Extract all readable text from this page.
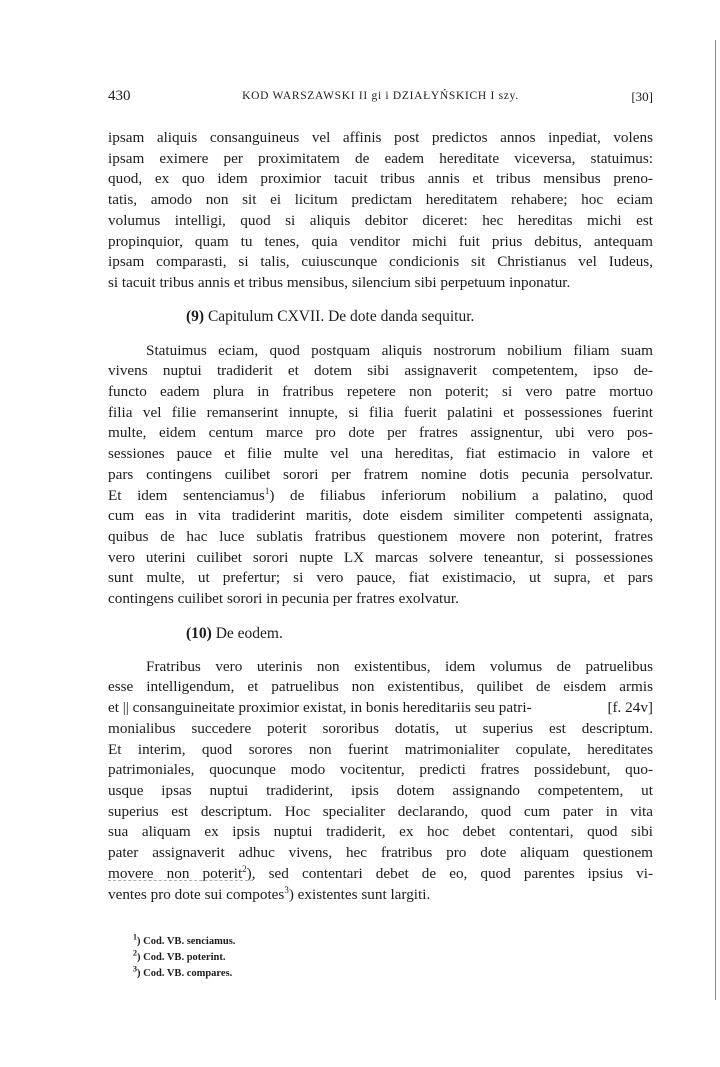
430	KOD WARSZAWSKI II gi i DZIAŁYŃSKICH I szy.	[30]

ipsam aliquis consanguineus vel affinis post predictos annos inpediat, volens

ipsam eximere per proximitatem de eadem hereditate viceversa, statuimus:

quod, ex quo idem proximior tacuit tribus annis et tribus mensibus preno-

tatis, amodo non sit ei licitum predictam hereditatem rehabere; hoc eciam

volumus intelligi, quod si aliquis debitor diceret: hec hereditas michi est

propinquior, quam tu tenes, quia venditor michi fuit prius debitus, antequam

ipsam comparasti, si talis, cuiuscunque condicionis sit Christianus vel Iudeus,

si tacuit tribus annis et tribus mensibus, silencium sibi perpetuum inponatur.

(9) Capitulum CXVII. De dote danda sequitur.

Statuimus eciam, quod postquam aliquis nostrorum nobilium filiam suam

vivens nuptui tradiderit et dotem sibi assignaverit competentem, ipso de-

functo eadem plura in fratribus repetere non poterit; si vero patre mortuo

filia vel filie remanserint innupte, si filia fuerit palatini et possessiones fuerint

multe, eidem centum marce pro dote per fratres assignentur, ubi vero pos-

sessiones pauce et filie multe vel una hereditas, fiat estimacio in valore et

pars contingens cuilibet sorori per fratrem nomine dotis pecunia persolvatur.

Et idem sentenciamus$^1$) de filiabus inferiorum nobilium a palatino, quod

cum eas in vita tradiderint maritis, dote eisdem similiter competenti assignata,

quibus de hac luce sublatis fratribus questionem movere non poterint, fratres

vero uterini cuilibet sorori nupte LX marcas solvere teneantur, si possessiones

sunt multe, ut prefertur; si vero pauce, fiat existimacio, ut supra, et pars

contingens cuilibet sorori in pecunia per fratres exolvatur.

(10) De eodem.

Fratribus vero uterinis non existentibus, idem volumus de patruelibus

esse intelligendum, et patruelibus non existentibus, quilibet de eisdem armis

et || consanguineitate proximior existat, in bonis hereditariis seu patri-	[f. 24v]

monialibus succedere poterit sororibus dotatis, ut superius est descriptum.

Et interim, quod sorores non fuerint matrimonialiter copulate, hereditates

patrimoniales, quocunque modo vocitentur, predicti fratres possidebunt, quo-

usque ipsas nuptui tradiderint, ipsis dotem assignando competentem, ut

superius est descriptum. Hoc specialiter declarando, quod cum pater in vita

sua aliquam ex ipsis nuptui tradiderit, ex hoc debet contentari, quod sibi

pater assignaverit adhuc vivens, hec fratribus pro dote aliquam questionem

movere non poterit$^2$), sed contentari debet de eo, quod parentes ipsius vi-

ventes pro dote sui compotes$^3$) existentes sunt largiti.

$^1$) Cod. VB. senciamus.
$^2$) Cod. VB. poterint.
$^3$) Cod. VB. compares.
